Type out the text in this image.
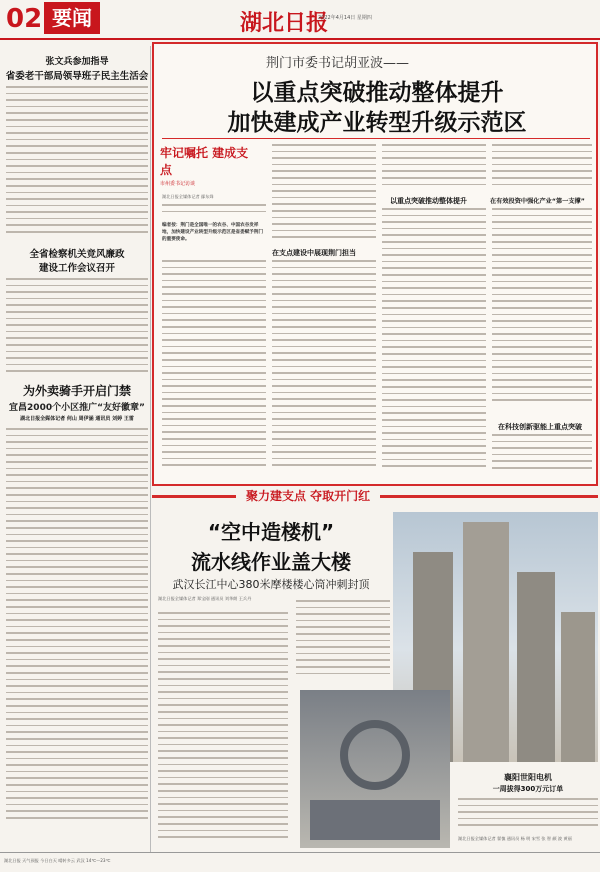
02 要闻	湖北日报
2022年4月14日 星期四
张文兵参加指导
省委老干部局领导班子民主生活会
全省检察机关竞风廉政
建设工作会议召开
为外卖骑手开启门禁
宜昌2000个小区推广“友好徽章”
湖北日报全媒体记者 何山 周伊涵 通讯员 刘婷 王雷
荆门市委书记胡亚波——
以重点突破推动整体提升
加快建成产业转型升级示范区
牢记嘱托 建成支点
市州委书记访谈
湖北日报全媒体记者 鄢东烽
编者按：荆门是全国唯一的农谷、中国农谷发祥地，加快建设产业转型升级示范区是省委赋予荆门的重要使命。
在支点建设中展现荆门担当
以重点突破推动整体提升	在有效投资中强化产业“第一支撑”
在科技创新驱能上重点突破
聚力建支点 夺取开门红
“空中造楼机”
流水线作业盖大楼
武汉长江中心380米摩楼楼心筒冲刺封顶
湖北日报全媒体记者 郑宝刚 通讯员 刘华朗 王兵丹
襄阳世阳电机
一周拔得300万元订单
湖北日报全媒体记者 翟慎 通讯员 杨 明 宋雪 张 智 颜 波 黄丽
湖北日报 天气预报 今日白天 晴转多云 武汉 14℃～23℃
